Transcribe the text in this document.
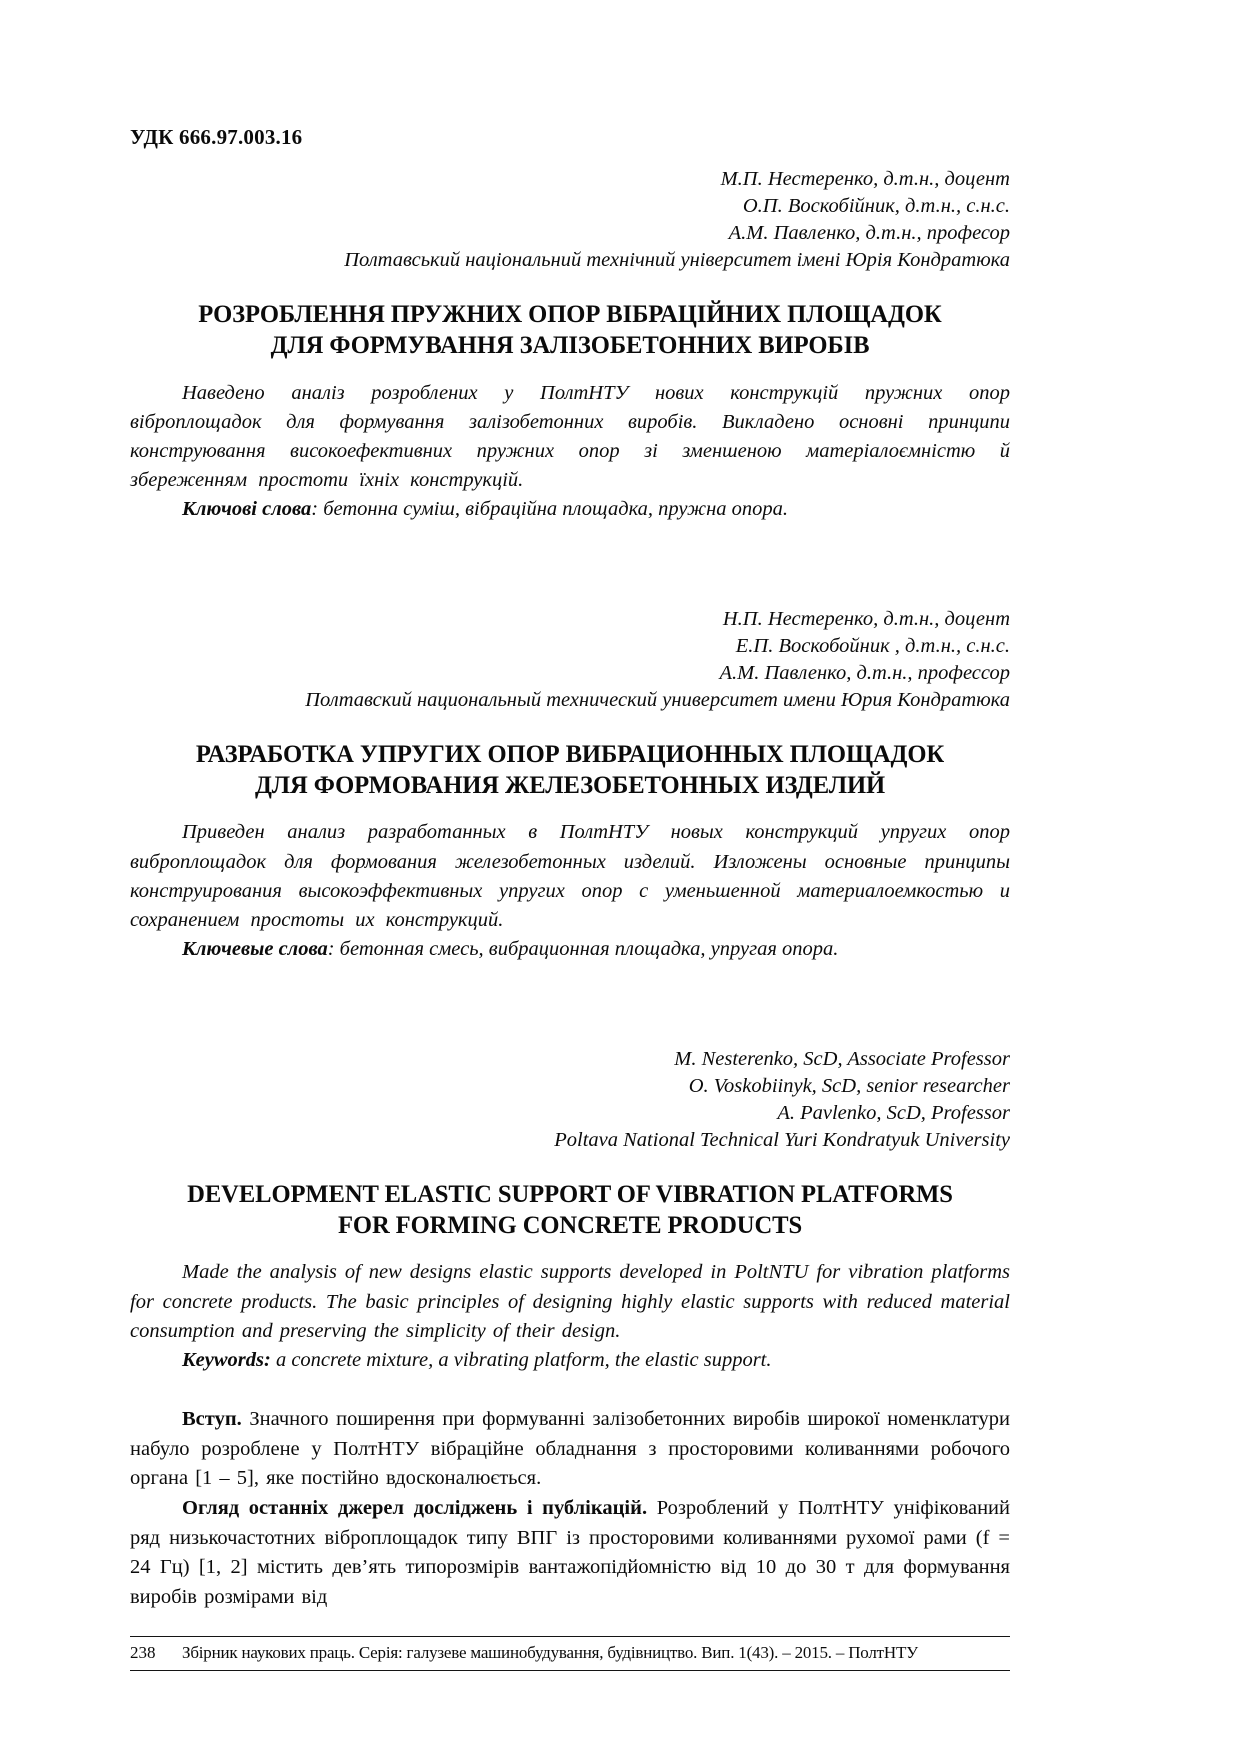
УДК 666.97.003.16

М.П. Нестеренко, д.т.н., доцент
О.П. Воскобійник, д.т.н., с.н.с.
А.М. Павленко, д.т.н., професор
Полтавський національний технічний університет імені Юрія Кондратюка
РОЗРОБЛЕННЯ ПРУЖНИХ ОПОР ВІБРАЦІЙНИХ ПЛОЩАДОК
ДЛЯ ФОРМУВАННЯ ЗАЛІЗОБЕТОННИХ ВИРОБІВ

Наведено аналіз розроблених у ПолтНТУ нових конструкцій пружних опор віброплощадок для формування залізобетонних виробів. Викладено основні принципи конструювання високоефективних пружних опор зі зменшеною матеріалоємністю й збереженням простоти їхніх конструкцій.

Ключові слова: бетонна суміш, вібраційна площадка, пружна опора.

Н.П. Нестеренко, д.т.н., доцент
Е.П. Воскобойник , д.т.н., с.н.с.
А.М. Павленко, д.т.н., профессор
Полтавский национальный технический университет имени Юрия Кондратюка
РАЗРАБОТКА УПРУГИХ ОПОР ВИБРАЦИОННЫХ ПЛОЩАДОК
ДЛЯ ФОРМОВАНИЯ ЖЕЛЕЗОБЕТОННЫХ ИЗДЕЛИЙ

Приведен анализ разработанных в ПолтНТУ новых конструкций упругих опор виброплощадок для формования железобетонных изделий. Изложены основные принципы конструирования высокоэффективных упругих опор с уменьшенной материалоемкостью и сохранением простоты их конструкций.

Ключевые слова: бетонная смесь, вибрационная площадка, упругая опора.

M. Nesterenko, ScD, Associate Professor
O. Voskobiinyk, ScD, senior researcher
A. Pavlenko, ScD, Professor
Poltava National Technical Yuri Kondratyuk University
DEVELOPMENT ELASTIC SUPPORT OF VIBRATION PLATFORMS
FOR FORMING CONCRETE PRODUCTS

Made the analysis of new designs elastic supports developed in PoltNTU for vibration platforms for concrete products. The basic principles of designing highly elastic supports with reduced material consumption and preserving the simplicity of their design.

Keywords: a concrete mixture, a vibrating platform, the elastic support.

Вступ. Значного поширення при формуванні залізобетонних виробів широкої номенклатури набуло розроблене у ПолтНТУ вібраційне обладнання з просторовими коливаннями робочого органа [1 – 5], яке постійно вдосконалюється.

Огляд останніх джерел досліджень і публікацій. Розроблений у ПолтНТУ уніфікований ряд низькочастотних віброплощадок типу ВПГ із просторовими коливаннями рухомої рами (f = 24 Гц) [1, 2] містить дев’ять типорозмірів вантажопідйомністю від 10 до 30 т для формування виробів розмірами від

238	Збірник наукових праць. Серія: галузеве машинобудування, будівництво. Вип. 1(43). – 2015. – ПолтНТУ
